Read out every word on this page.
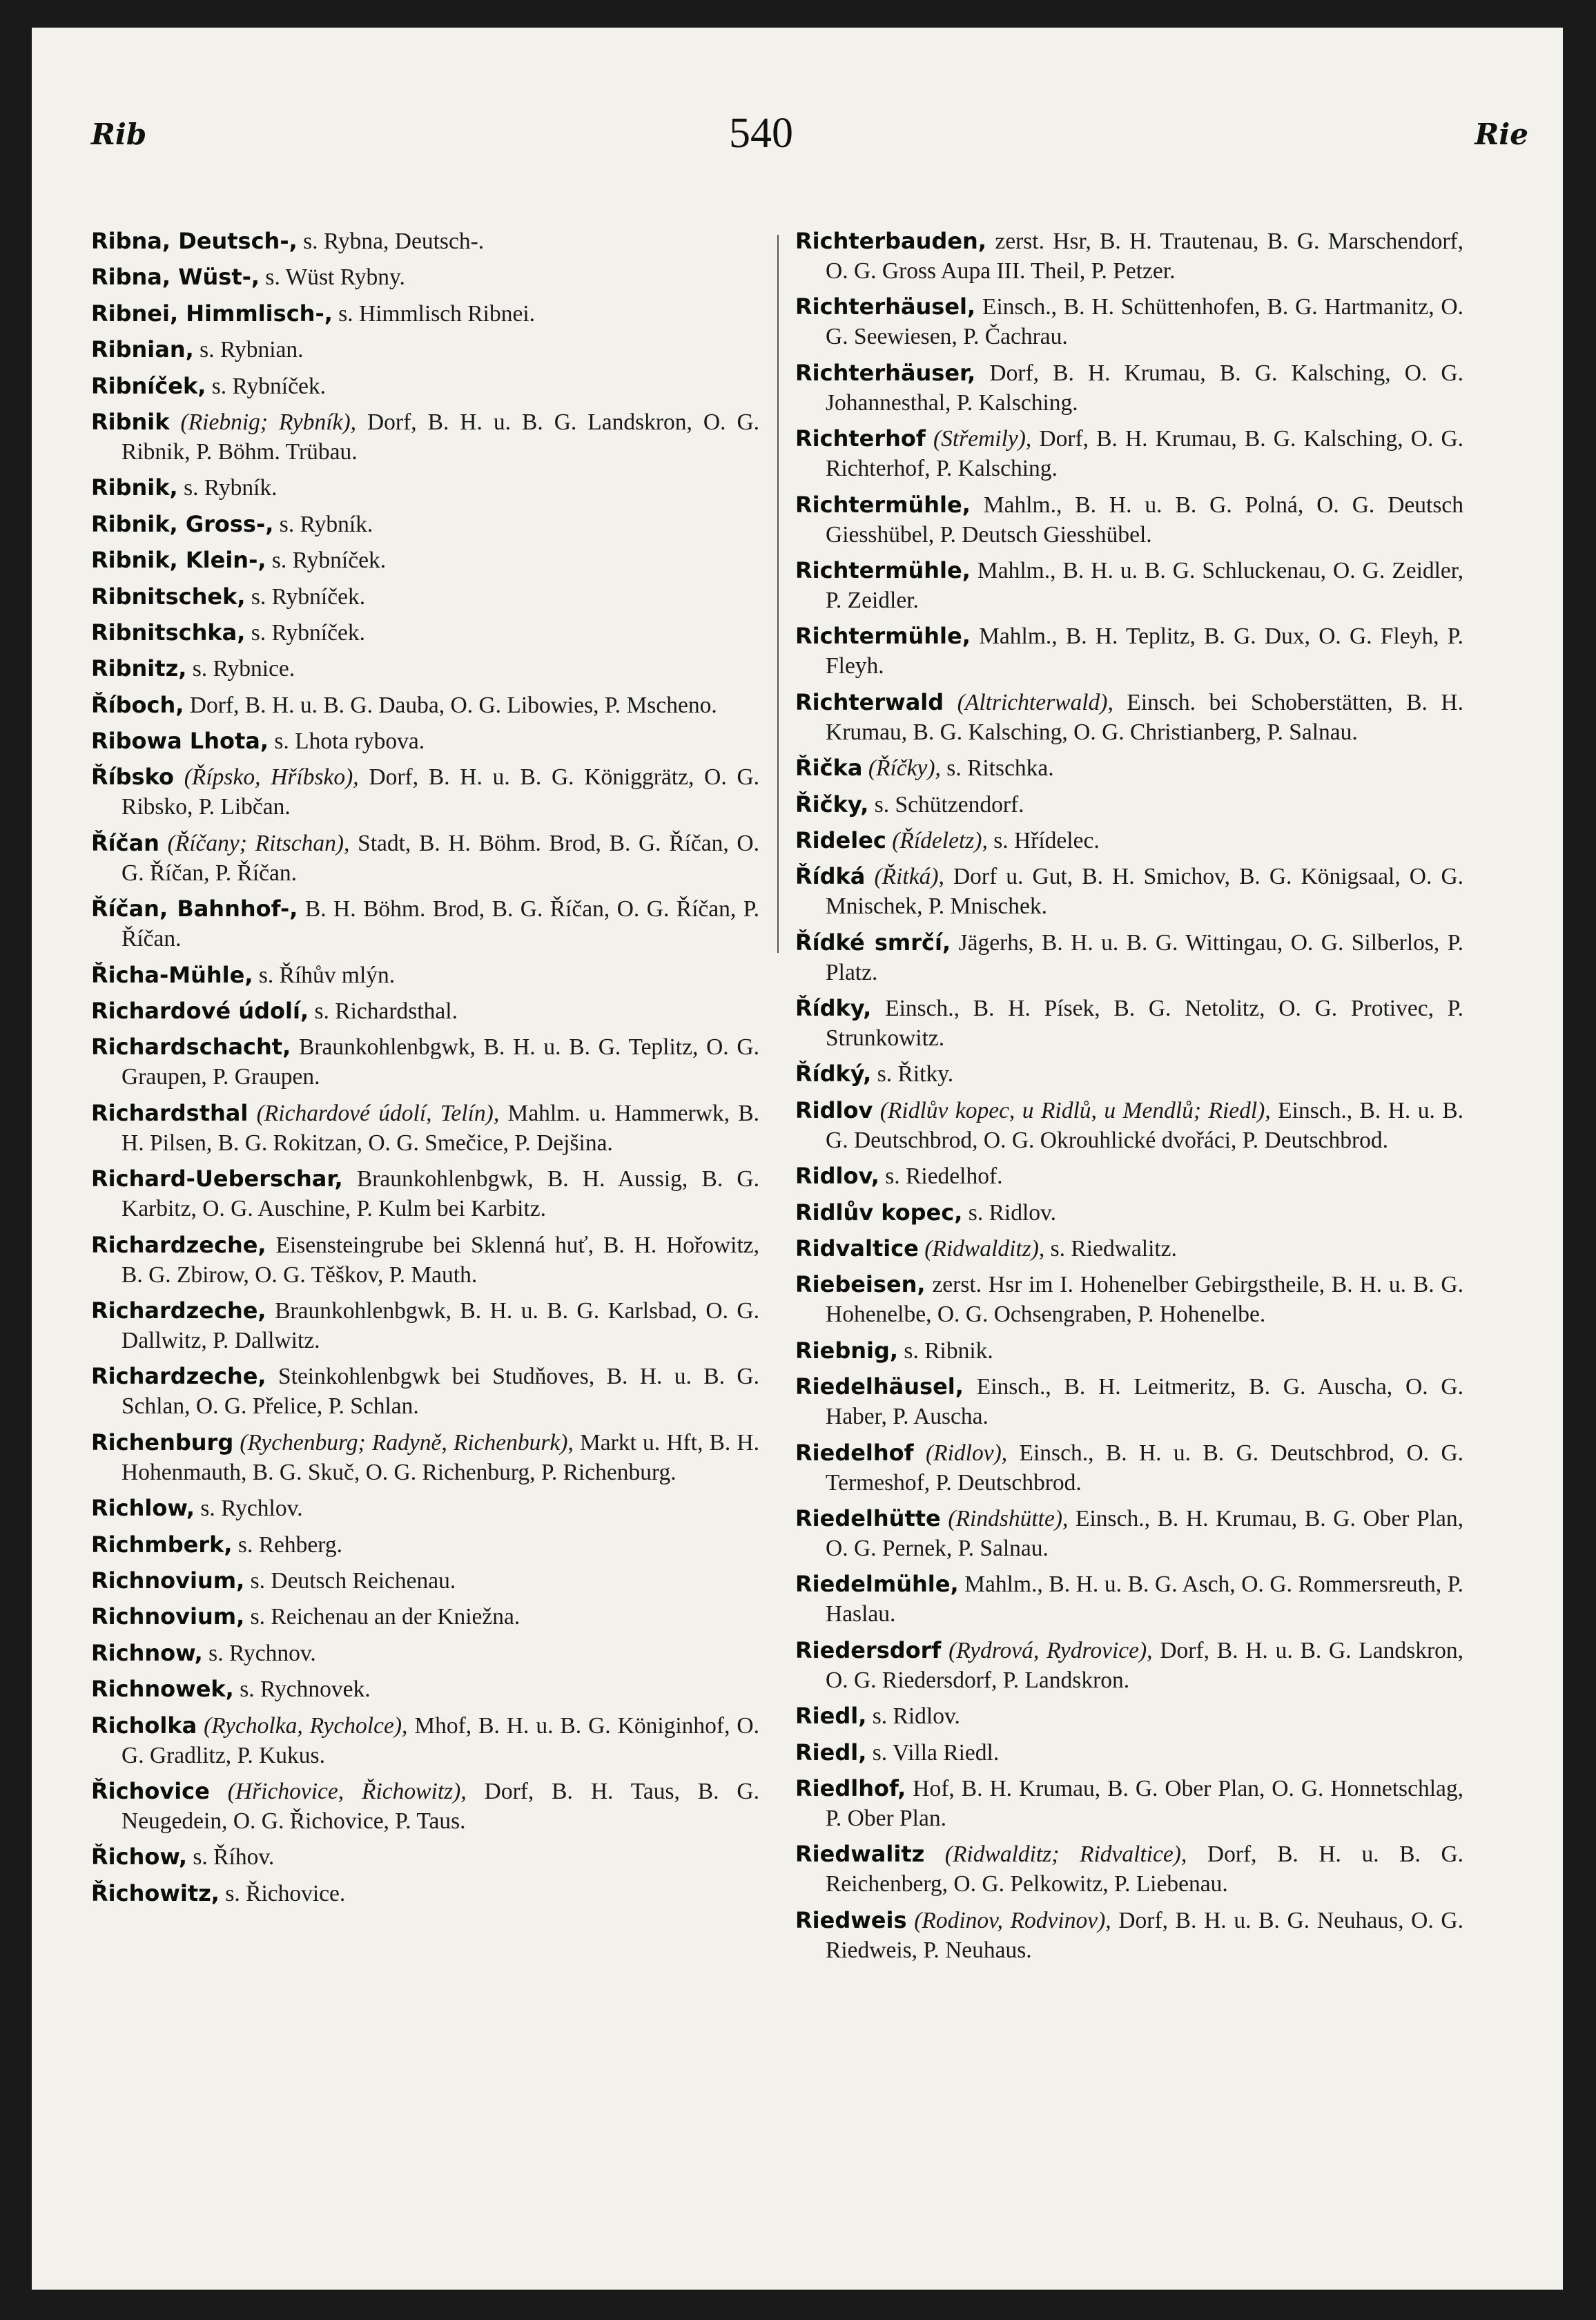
Rib	540	Rie

Ribna, Deutsch-, s. Rybna, Deutsch-.

Ribna, Wüst-, s. Wüst Rybny.

Ribnei, Himmlisch-, s. Himmlisch Ribnei.

Ribnian, s. Rybnian.

Ribníček, s. Rybníček.

Ribnik (Riebnig; Rybník), Dorf, B. H. u. B. G. Landskron, O. G. Ribnik, P. Böhm. Trübau.

Ribnik, s. Rybník.

Ribnik, Gross-, s. Rybník.

Ribnik, Klein-, s. Rybníček.

Ribnitschek, s. Rybníček.

Ribnitschka, s. Rybníček.

Ribnitz, s. Rybnice.

Říboch, Dorf, B. H. u. B. G. Dauba, O. G. Libowies, P. Mscheno.

Ribowa Lhota, s. Lhota rybova.

Říbsko (Řípsko, Hříbsko), Dorf, B. H. u. B. G. Königgrätz, O. G. Ribsko, P. Libčan.

Říčan (Říčany; Ritschan), Stadt, B. H. Böhm. Brod, B. G. Říčan, O. G. Říčan, P. Říčan.

Říčan, Bahnhof-, B. H. Böhm. Brod, B. G. Říčan, O. G. Říčan, P. Říčan.

Řicha-Mühle, s. Říhův mlýn.

Richardové údolí, s. Richardsthal.

Richardschacht, Braunkohlenbgwk, B. H. u. B. G. Teplitz, O. G. Graupen, P. Graupen.

Richardsthal (Richardové údolí, Telín), Mahlm. u. Hammerwk, B. H. Pilsen, B. G. Rokitzan, O. G. Smečice, P. Dejšina.

Richard-Ueberschar, Braunkohlenbgwk, B. H. Aussig, B. G. Karbitz, O. G. Auschine, P. Kulm bei Karbitz.

Richardzeche, Eisensteingrube bei Sklenná huť, B. H. Hořowitz, B. G. Zbirow, O. G. Těškov, P. Mauth.

Richardzeche, Braunkohlenbgwk, B. H. u. B. G. Karlsbad, O. G. Dallwitz, P. Dallwitz.

Richardzeche, Steinkohlenbgwk bei Studňoves, B. H. u. B. G. Schlan, O. G. Přelice, P. Schlan.

Richenburg (Rychenburg; Radyně, Richenburk), Markt u. Hft, B. H. Hohenmauth, B. G. Skuč, O. G. Richenburg, P. Richenburg.

Richlow, s. Rychlov.

Richmberk, s. Rehberg.

Richnovium, s. Deutsch Reichenau.

Richnovium, s. Reichenau an der Kniežna.

Richnow, s. Rychnov.

Richnowek, s. Rychnovek.

Richolka (Rycholka, Rycholce), Mhof, B. H. u. B. G. Königinhof, O. G. Gradlitz, P. Kukus.

Řichovice (Hřichovice, Řichowitz), Dorf, B. H. Taus, B. G. Neugedein, O. G. Řichovice, P. Taus.

Řichow, s. Říhov.

Řichowitz, s. Řichovice.

Richterbauden, zerst. Hsr, B. H. Trautenau, B. G. Marschendorf, O. G. Gross Aupa III. Theil, P. Petzer.

Richterhäusel, Einsch., B. H. Schüttenhofen, B. G. Hartmanitz, O. G. Seewiesen, P. Čachrau.

Richterhäuser, Dorf, B. H. Krumau, B. G. Kalsching, O. G. Johannesthal, P. Kalsching.

Richterhof (Střemily), Dorf, B. H. Krumau, B. G. Kalsching, O. G. Richterhof, P. Kalsching.

Richtermühle, Mahlm., B. H. u. B. G. Polná, O. G. Deutsch Giesshübel, P. Deutsch Giesshübel.

Richtermühle, Mahlm., B. H. u. B. G. Schluckenau, O. G. Zeidler, P. Zeidler.

Richtermühle, Mahlm., B. H. Teplitz, B. G. Dux, O. G. Fleyh, P. Fleyh.

Richterwald (Altrichterwald), Einsch. bei Schoberstätten, B. H. Krumau, B. G. Kalsching, O. G. Christianberg, P. Salnau.

Řička (Říčky), s. Ritschka.

Řičky, s. Schützendorf.

Ridelec (Řídeletz), s. Hřídelec.

Řídká (Řitká), Dorf u. Gut, B. H. Smichov, B. G. Königsaal, O. G. Mnischek, P. Mnischek.

Řídké smrčí, Jägerhs, B. H. u. B. G. Wittingau, O. G. Silberlos, P. Platz.

Řídky, Einsch., B. H. Písek, B. G. Netolitz, O. G. Protivec, P. Strunkowitz.

Řídký, s. Řitky.

Ridlov (Ridlův kopec, u Ridlů, u Mendlů; Riedl), Einsch., B. H. u. B. G. Deutschbrod, O. G. Okrouhlické dvořáci, P. Deutschbrod.

Ridlov, s. Riedelhof.

Ridlův kopec, s. Ridlov.

Ridvaltice (Ridwalditz), s. Riedwalitz.

Riebeisen, zerst. Hsr im I. Hohenelber Gebirgstheile, B. H. u. B. G. Hohenelbe, O. G. Ochsengraben, P. Hohenelbe.

Riebnig, s. Ribnik.

Riedelhäusel, Einsch., B. H. Leitmeritz, B. G. Auscha, O. G. Haber, P. Auscha.

Riedelhof (Ridlov), Einsch., B. H. u. B. G. Deutschbrod, O. G. Termeshof, P. Deutschbrod.

Riedelhütte (Rindshütte), Einsch., B. H. Krumau, B. G. Ober Plan, O. G. Pernek, P. Salnau.

Riedelmühle, Mahlm., B. H. u. B. G. Asch, O. G. Rommersreuth, P. Haslau.

Riedersdorf (Rydrová, Rydrovice), Dorf, B. H. u. B. G. Landskron, O. G. Riedersdorf, P. Landskron.

Riedl, s. Ridlov.

Riedl, s. Villa Riedl.

Riedlhof, Hof, B. H. Krumau, B. G. Ober Plan, O. G. Honnetschlag, P. Ober Plan.

Riedwalitz (Ridwalditz; Ridvaltice), Dorf, B. H. u. B. G. Reichenberg, O. G. Pelkowitz, P. Liebenau.

Riedweis (Rodinov, Rodvinov), Dorf, B. H. u. B. G. Neuhaus, O. G. Riedweis, P. Neuhaus.
